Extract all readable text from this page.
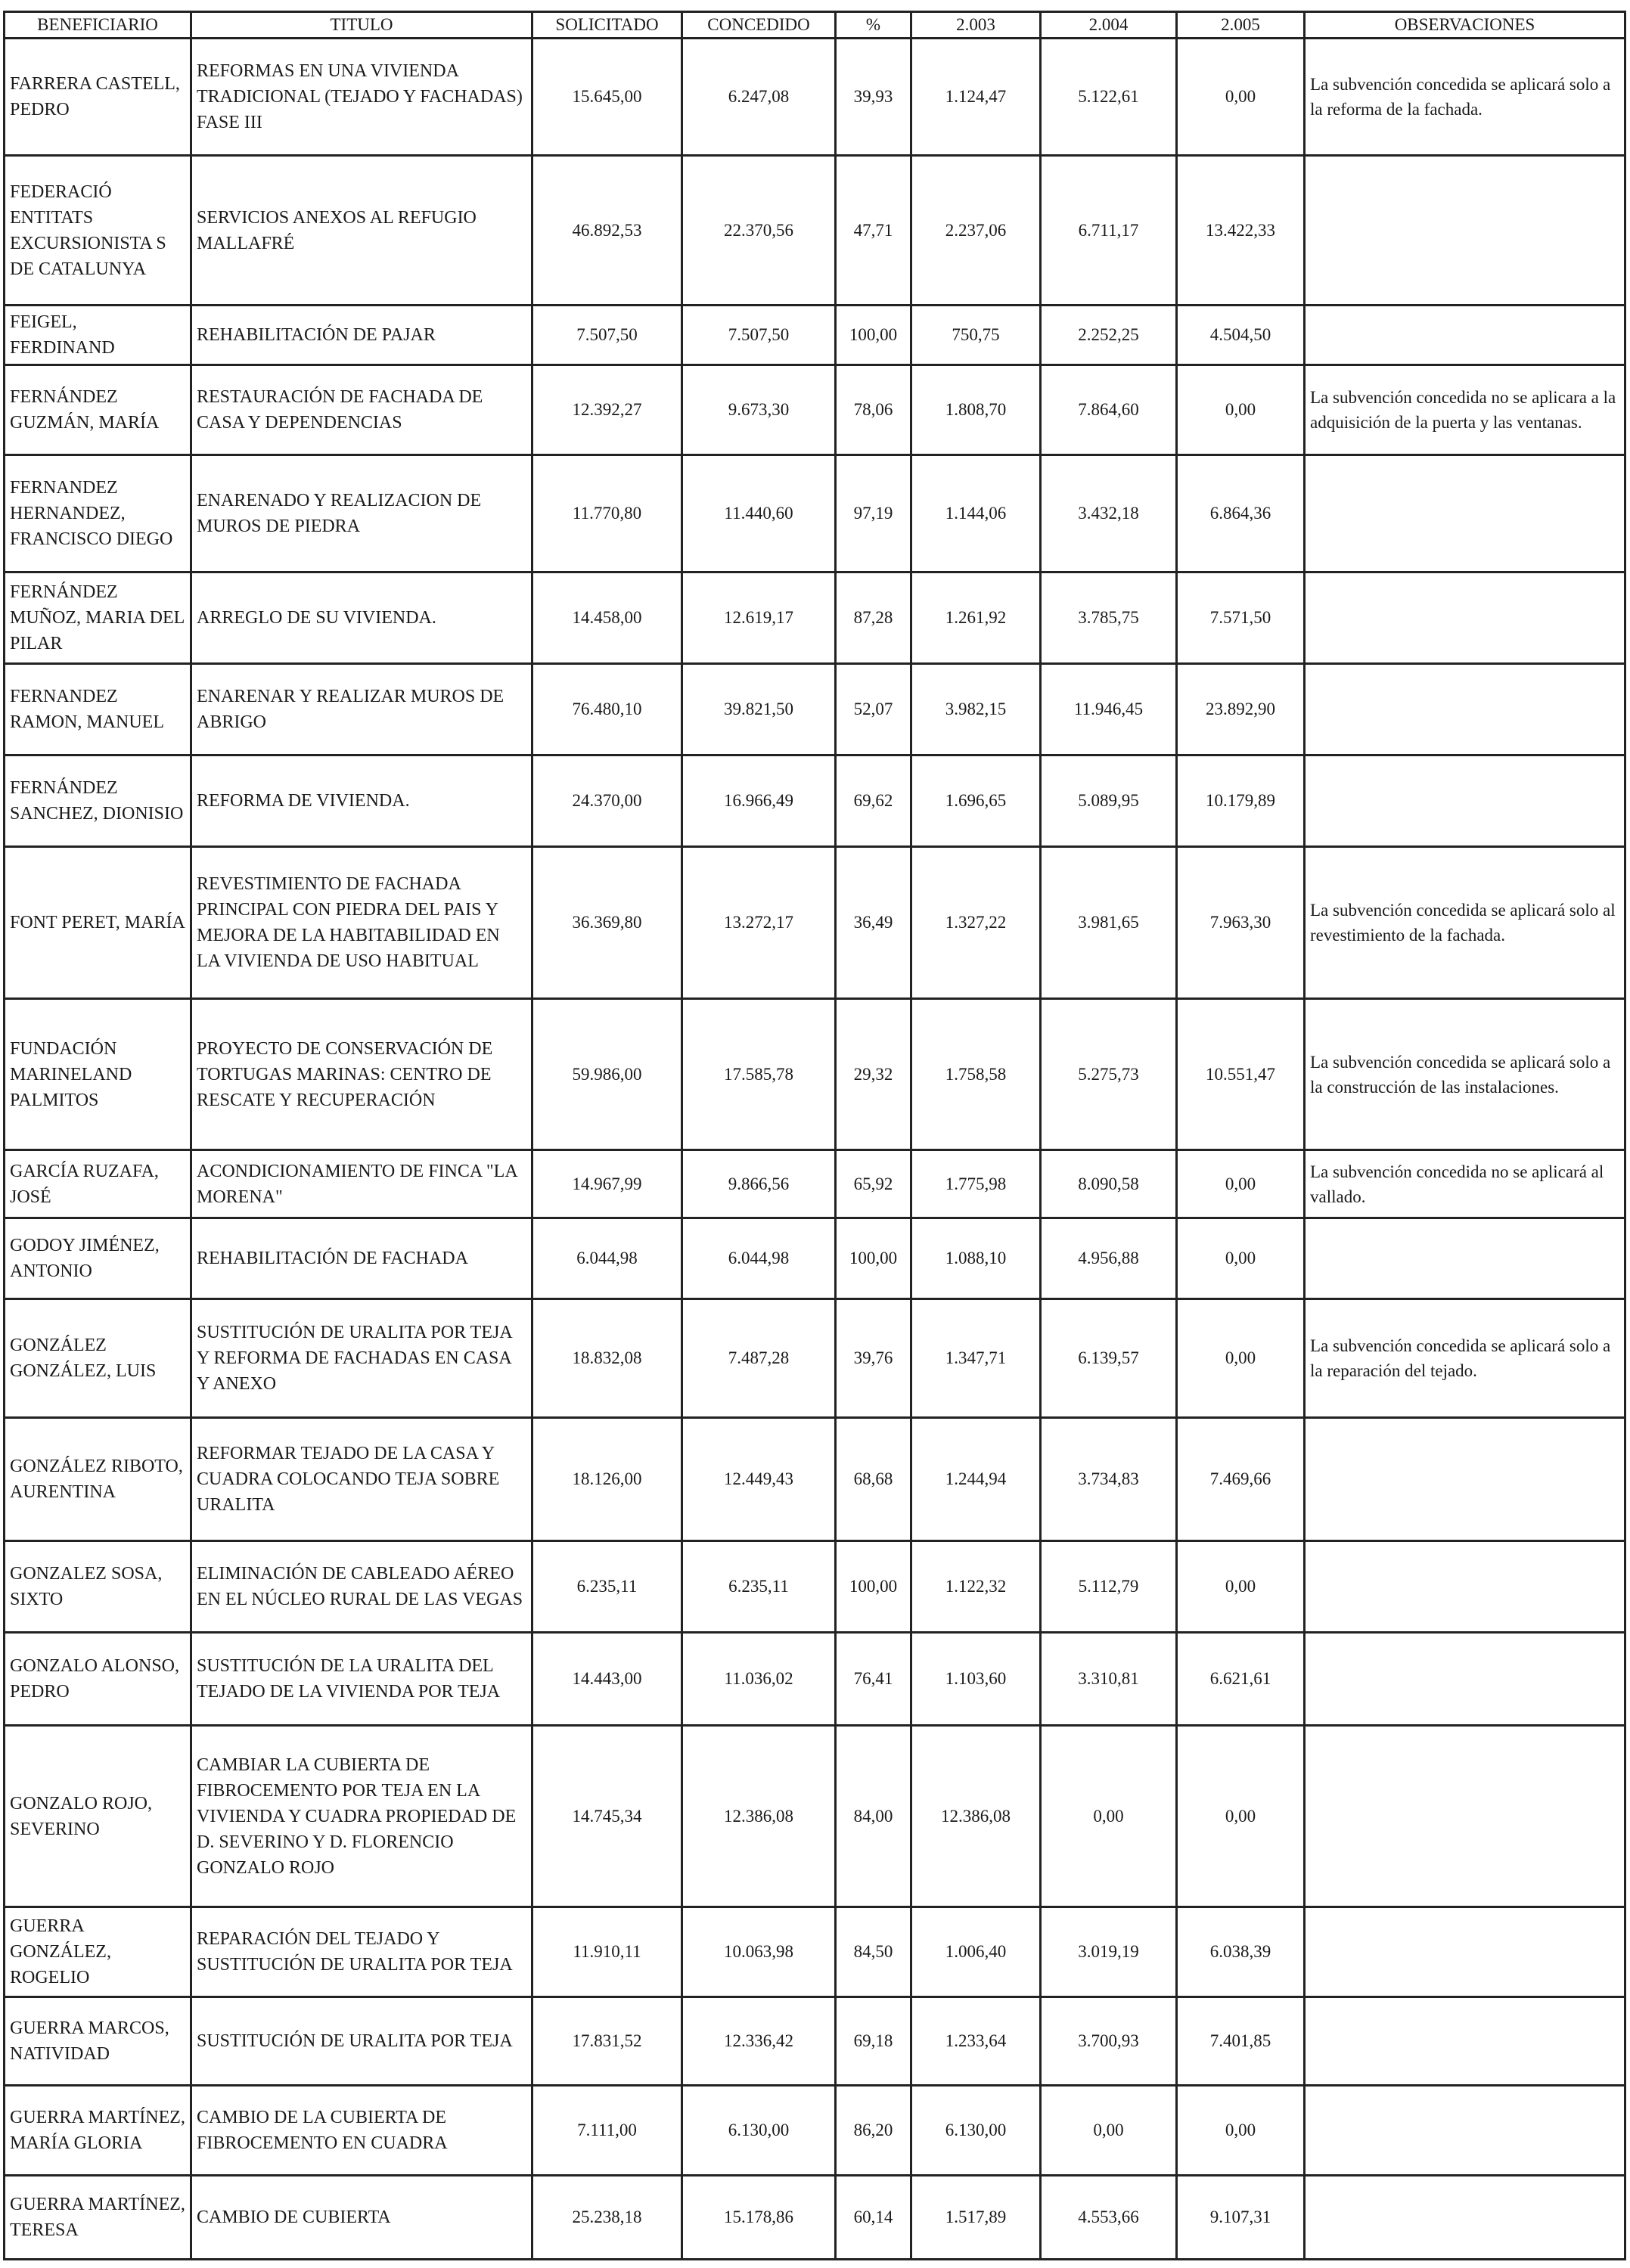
BENEFICIARIO	TITULO	SOLICITADO	CONCEDIDO	%	2.003	2.004	2.005	OBSERVACIONES
FARRERA CASTELL, PEDRO	REFORMAS EN UNA VIVIENDA TRADICIONAL (TEJADO Y FACHADAS) FASE III	15.645,00	6.247,08	39,93	1.124,47	5.122,61	0,00	La subvención concedida se aplicará solo a la reforma de la fachada.
FEDERACIÓ ENTITATS EXCURSIONISTA S DE CATALUNYA	SERVICIOS ANEXOS AL REFUGIO MALLAFRÉ	46.892,53	22.370,56	47,71	2.237,06	6.711,17	13.422,33	
FEIGEL, FERDINAND	REHABILITACIÓN DE PAJAR	7.507,50	7.507,50	100,00	750,75	2.252,25	4.504,50	
FERNÁNDEZ GUZMÁN, MARÍA	RESTAURACIÓN DE FACHADA DE CASA Y DEPENDENCIAS	12.392,27	9.673,30	78,06	1.808,70	7.864,60	0,00	La subvención concedida no se aplicara a la adquisición de la puerta y las ventanas.
FERNANDEZ HERNANDEZ, FRANCISCO DIEGO	ENARENADO Y REALIZACION DE MUROS DE PIEDRA	11.770,80	11.440,60	97,19	1.144,06	3.432,18	6.864,36	
FERNÁNDEZ MUÑOZ, MARIA DEL PILAR	ARREGLO DE SU VIVIENDA.	14.458,00	12.619,17	87,28	1.261,92	3.785,75	7.571,50	
FERNANDEZ RAMON, MANUEL	ENARENAR Y REALIZAR MUROS DE ABRIGO	76.480,10	39.821,50	52,07	3.982,15	11.946,45	23.892,90	
FERNÁNDEZ SANCHEZ, DIONISIO	REFORMA DE VIVIENDA.	24.370,00	16.966,49	69,62	1.696,65	5.089,95	10.179,89	
FONT PERET, MARÍA	REVESTIMIENTO DE FACHADA PRINCIPAL CON PIEDRA DEL PAIS Y MEJORA DE LA HABITABILIDAD EN LA VIVIENDA DE USO HABITUAL	36.369,80	13.272,17	36,49	1.327,22	3.981,65	7.963,30	La subvención concedida se aplicará solo al revestimiento de la fachada.
FUNDACIÓN MARINELAND PALMITOS	PROYECTO DE CONSERVACIÓN DE TORTUGAS MARINAS: CENTRO DE RESCATE Y RECUPERACIÓN	59.986,00	17.585,78	29,32	1.758,58	5.275,73	10.551,47	La subvención concedida se aplicará solo a la construcción de las instalaciones.
GARCÍA RUZAFA, JOSÉ	ACONDICIONAMIENTO DE FINCA "LA MORENA"	14.967,99	9.866,56	65,92	1.775,98	8.090,58	0,00	La subvención concedida no se aplicará al vallado.
GODOY JIMÉNEZ, ANTONIO	REHABILITACIÓN DE FACHADA	6.044,98	6.044,98	100,00	1.088,10	4.956,88	0,00	
GONZÁLEZ GONZÁLEZ, LUIS	SUSTITUCIÓN DE URALITA POR TEJA Y REFORMA DE FACHADAS EN CASA Y ANEXO	18.832,08	7.487,28	39,76	1.347,71	6.139,57	0,00	La subvención concedida se aplicará solo a la reparación del tejado.
GONZÁLEZ RIBOTO, AURENTINA	REFORMAR TEJADO DE LA CASA Y CUADRA COLOCANDO TEJA SOBRE URALITA	18.126,00	12.449,43	68,68	1.244,94	3.734,83	7.469,66	
GONZALEZ SOSA, SIXTO	ELIMINACIÓN DE CABLEADO AÉREO EN EL NÚCLEO RURAL DE LAS VEGAS	6.235,11	6.235,11	100,00	1.122,32	5.112,79	0,00	
GONZALO ALONSO, PEDRO	SUSTITUCIÓN DE LA URALITA DEL TEJADO DE LA VIVIENDA POR TEJA	14.443,00	11.036,02	76,41	1.103,60	3.310,81	6.621,61	
GONZALO ROJO, SEVERINO	CAMBIAR LA CUBIERTA DE FIBROCEMENTO POR TEJA EN LA VIVIENDA Y CUADRA PROPIEDAD DE D. SEVERINO Y D. FLORENCIO GONZALO ROJO	14.745,34	12.386,08	84,00	12.386,08	0,00	0,00	
GUERRA GONZÁLEZ, ROGELIO	REPARACIÓN DEL TEJADO Y SUSTITUCIÓN DE URALITA POR TEJA	11.910,11	10.063,98	84,50	1.006,40	3.019,19	6.038,39	
GUERRA MARCOS, NATIVIDAD	SUSTITUCIÓN DE URALITA POR TEJA	17.831,52	12.336,42	69,18	1.233,64	3.700,93	7.401,85	
GUERRA MARTÍNEZ, MARÍA GLORIA	CAMBIO DE LA CUBIERTA DE FIBROCEMENTO EN CUADRA	7.111,00	6.130,00	86,20	6.130,00	0,00	0,00	
GUERRA MARTÍNEZ, TERESA	CAMBIO DE CUBIERTA	25.238,18	15.178,86	60,14	1.517,89	4.553,66	9.107,31	
